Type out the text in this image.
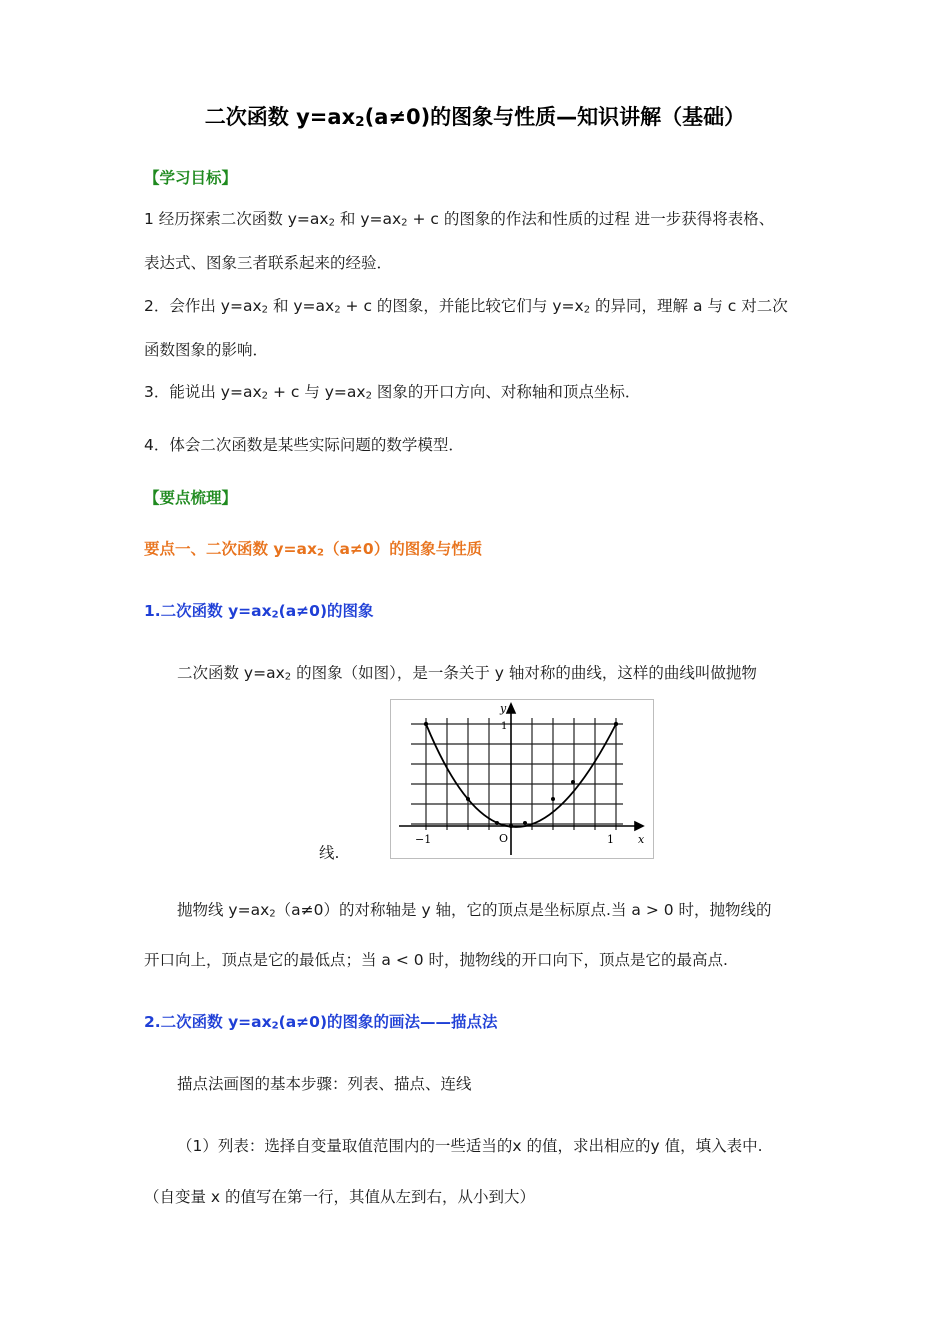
二次函数 $y=ax_2(a\ne 0)$的图象与性质—知识讲解（基础）
【学习目标】
1 经历探索二次函数 $y=ax_2$ 和 $y=ax_2 + c$ 的图象的作法和性质的过程 进一步获得将表格、
表达式、图象三者联系起来的经验．
2．会作出 $y=ax_2$ 和 $y=ax_2 + c$ 的图象，并能比较它们与 $y=x_2$ 的异同，理解 a 与 c 对二次
函数图象的影响．
3．能说出 $y=ax_2 + c$ 与 $y=ax_2$ 图象的开口方向、对称轴和顶点坐标．
4．体会二次函数是某些实际问题的数学模型．
【要点梳理】
要点一、二次函数 $y=ax_2(a\ne 0)$的图象与性质
1.二次函数 $y=ax_2(a\ne 0)$的图象
二次函数 $y=ax_2$ 的图象（如图），是一条关于 y 轴对称的曲线，这样的曲线叫做抛物
线.
y
x
1
−1	O	1
抛物线 $y=ax_2(a\ne 0)$的对称轴是 y 轴，它的顶点是坐标原点.当 a > 0 时，抛物线的
开口向上，顶点是它的最低点；当 a < 0 时，抛物线的开口向下，顶点是它的最高点.
2.二次函数 $y=ax_2(a\ne 0)$的图象的画法——描点法
描点法画图的基本步骤：列表、描点、连线
（1）列表：选择自变量取值范围内的一些适当的x 的值，求出相应的y 值，填入表中.
（自变量 x 的值写在第一行，其值从左到右，从小到大）
